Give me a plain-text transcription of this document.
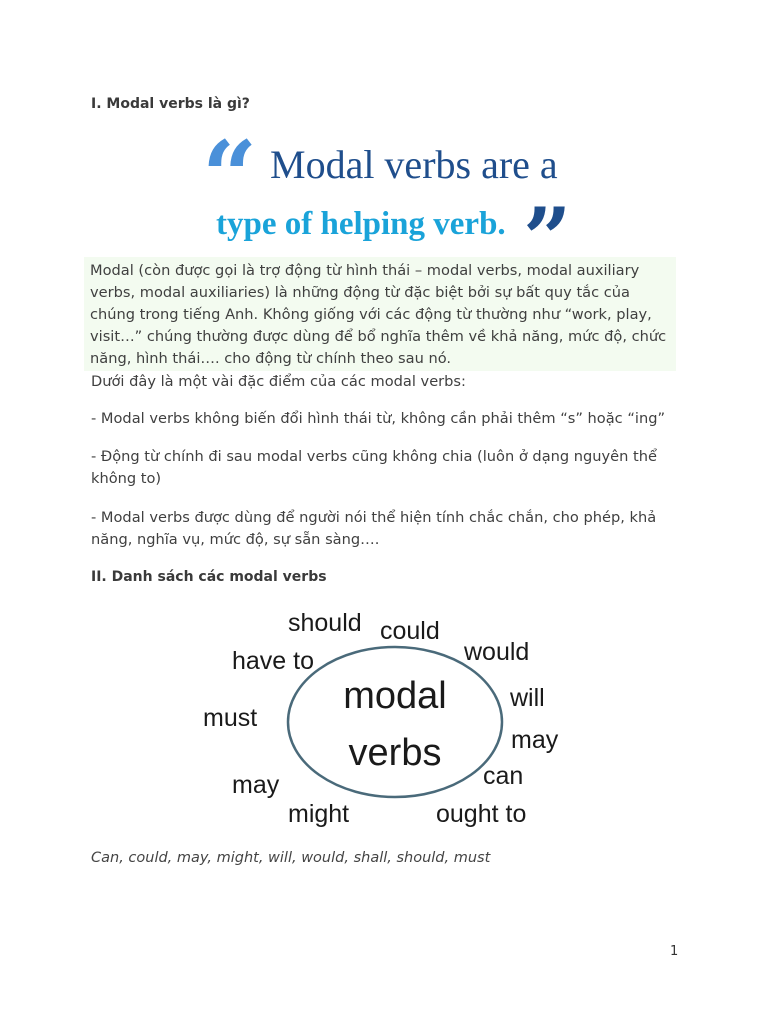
I. Modal verbs là gì?
“ Modal verbs are a
type of helping verb. ”
Modal (còn được gọi là trợ động từ hình thái – modal verbs, modal auxiliary verbs, modal auxiliaries) là những động từ đặc biệt bởi sự bất quy tắc của chúng trong tiếng Anh. Không giống với các động từ thường như “work, play, visit…” chúng thường được dùng để bổ nghĩa thêm về khả năng, mức độ, chức năng, hình thái…. cho động từ chính theo sau nó.
Dưới đây là một vài đặc điểm của các modal verbs:
- Modal verbs không biến đổi hình thái từ, không cần phải thêm “s” hoặc “ing”
- Động từ chính đi sau modal verbs cũng không chia (luôn ở dạng nguyên thể không to)
- Modal verbs được dùng để người nói thể hiện tính chắc chắn, cho phép, khả năng, nghĩa vụ, mức độ, sự sẵn sàng….
II. Danh sách các modal verbs
modal
verbs
should could
have to	would
will
must
may
may	can
might	ought to
Can, could, may, might, will, would, shall, should, must
1
